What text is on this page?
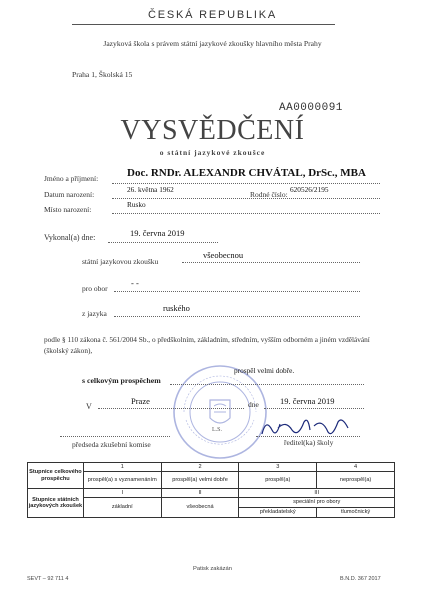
ČESKÁ REPUBLIKA
Jazyková škola s právem státní jazykové zkoušky hlavního města Prahy
Praha 1, Školská 15
AA0000091
VYSVĚDČENÍ
o státní jazykové zkoušce
Jméno a příjmení:	Doc. RNDr. ALEXANDR CHVÁTAL, DrSc., MBA
Datum narození:
26. května 1962
Rodné číslo:
620526/2195
Místo narození:
Rusko
Vykonal(a) dne:	19. června 2019
všeobecnou
státní jazykovou zkoušku
pro obor
- -
z jazyka
ruského
podle § 110 zákona č. 561/2004 Sb., o předškolním, základním, středním, vyšším odborném a jiném vzdělávání (školský zákon),
s celkovým prospěchem
prospěl velmi dobře.
V
Praze	dne 19. června 2019
předseda zkušební komise
L.S.
ředitel(ka) školy
Stupnice celkového prospěchu	1	2	3	4
	prospěl(a) s vyznamenáním	prospěl(a) velmi dobře	prospěl(a)	neprospěl(a)
Stupnice státních jazykových zkoušek	I	II	III	
	základní	všeobecná	speciální pro obory	
			překladatelský	tlumočnický
SEVT – 92 711 4
Patisk zakázán
B.N.D. 367 2017
